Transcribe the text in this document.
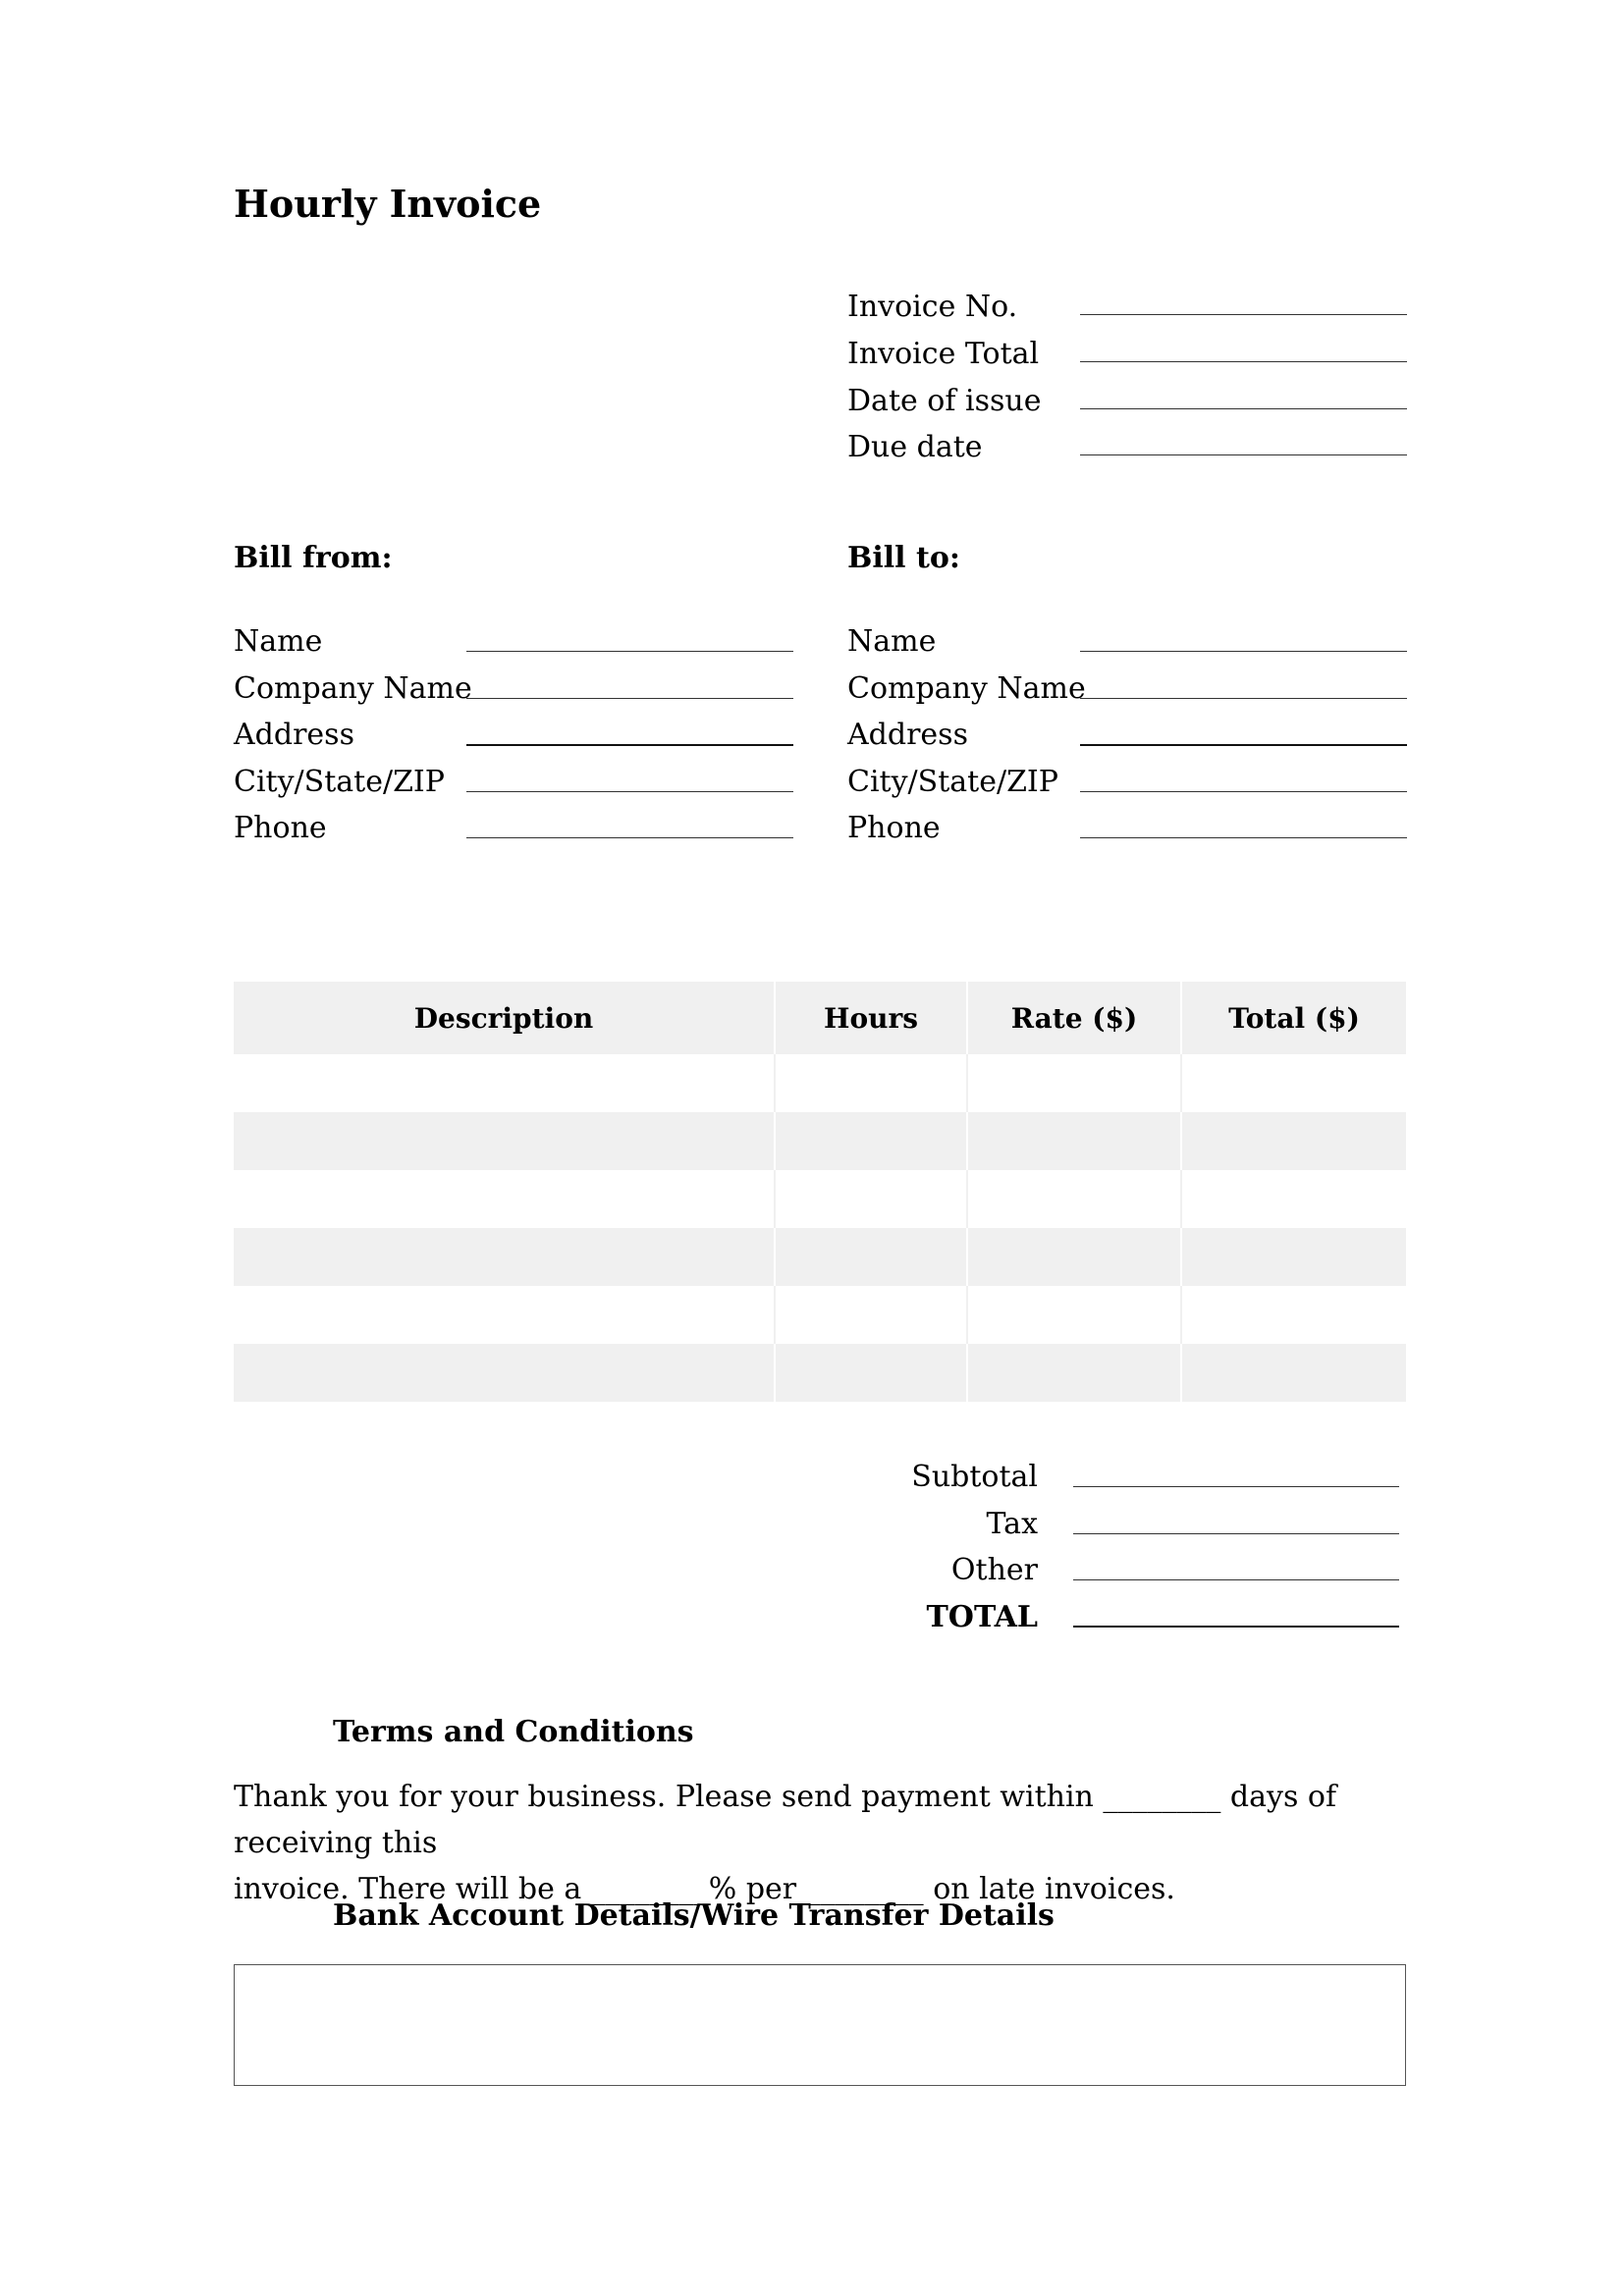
Hourly Invoice
Invoice No.
Invoice Total
Date of issue
Due date
Bill from:
Name
Company Name
Address
City/State/ZIP
Phone
Bill to:
Name
Company Name
Address
City/State/ZIP
Phone
Description	Hours	Rate ($)	Total ($)

Subtotal
Tax
Other
TOTAL
Terms and Conditions
Thank you for your business. Please send payment within ________ days of receiving this
invoice. There will be a ________% per ________ on late invoices.
Bank Account Details/Wire Transfer Details
